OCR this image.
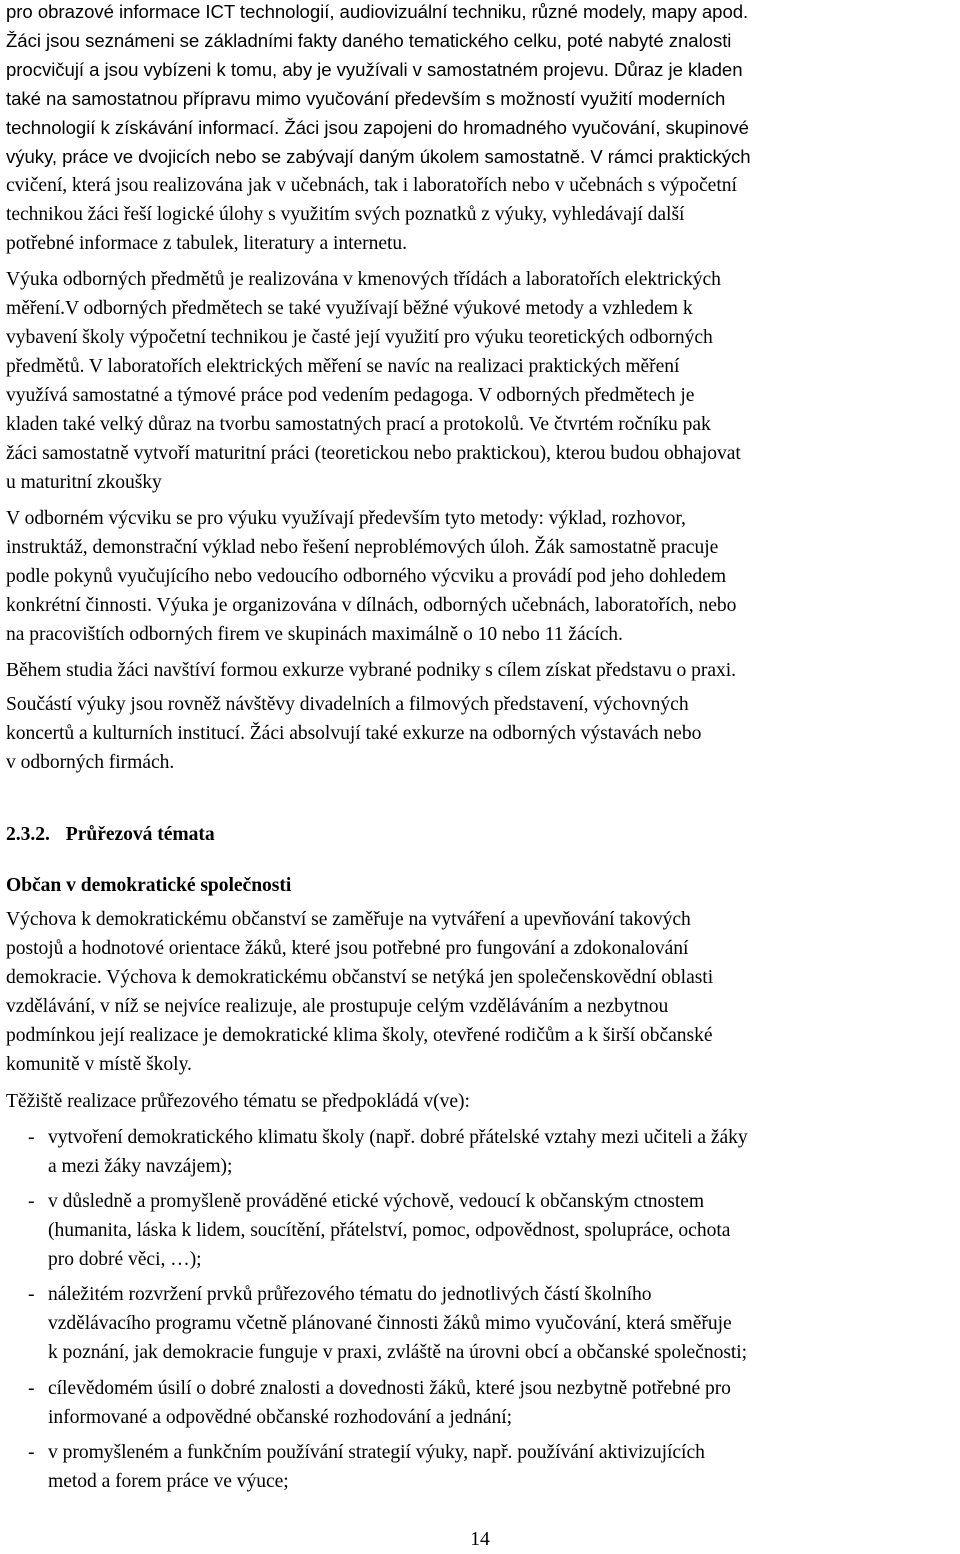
pro obrazové informace ICT technologií, audiovizuální techniku, různé modely, mapy apod.
Žáci jsou seznámeni se základními fakty daného tematického celku, poté nabyté znalosti
procvičují a jsou vybízeni k tomu, aby je využívali v samostatném projevu. Důraz je kladen
také na samostatnou přípravu mimo vyučování především s možností využití moderních
technologií k získávání informací. Žáci jsou zapojeni do hromadného vyučování, skupinové
výuky, práce ve dvojicích nebo se zabývají daným úkolem samostatně. V rámci praktických
cvičení, která jsou realizována jak v učebnách, tak i laboratořích nebo v učebnách s výpočetní
technikou žáci řeší logické úlohy s využitím svých poznatků z výuky, vyhledávají další
potřebné informace z tabulek, literatury a internetu.
Výuka odborných předmětů je realizována v kmenových třídách a laboratořích elektrických
měření.V odborných předmětech se také využívají běžné výukové metody a vzhledem k
vybavení školy výpočetní technikou je časté její využití pro výuku teoretických odborných
předmětů. V laboratořích elektrických měření se navíc na realizaci praktických měření
využívá samostatné a týmové práce pod vedením pedagoga. V odborných předmětech je
kladen také velký důraz na tvorbu samostatných prací a protokolů. Ve čtvrtém ročníku pak
žáci samostatně vytvoří maturitní práci (teoretickou nebo praktickou), kterou budou obhajovat
u maturitní zkoušky
V odborném výcviku se pro výuku využívají především tyto metody: výklad, rozhovor,
instruktáž, demonstrační výklad nebo řešení neproblémových úloh. Žák samostatně pracuje
podle pokynů vyučujícího nebo vedoucího odborného výcviku a provádí pod jeho dohledem
konkrétní činnosti. Výuka je organizována v dílnách, odborných učebnách, laboratořích, nebo
na pracovištích odborných firem ve skupinách maximálně o 10 nebo 11 žácích.
Během studia žáci navštíví formou exkurze vybrané podniky s cílem získat představu o praxi.
Součástí výuky jsou rovněž návštěvy divadelních a filmových představení, výchovných
koncertů a kulturních institucí. Žáci absolvují také exkurze na odborných výstavách nebo
v odborných firmách.
2.3.2. Průřezová témata
Občan v demokratické společnosti
Výchova k demokratickému občanství se zaměřuje na vytváření a upevňování takových
postojů a hodnotové orientace žáků, které jsou potřebné pro fungování a zdokonalování
demokracie. Výchova k demokratickému občanství se netýká jen společenskovědní oblasti
vzdělávání, v níž se nejvíce realizuje, ale prostupuje celým vzděláváním a nezbytnou
podmínkou její realizace je demokratické klima školy, otevřené rodičům a k širší občanské
komunitě v místě školy.
Těžiště realizace průřezového tématu se předpokládá v(ve):
- vytvoření demokratického klimatu školy (např. dobré přátelské vztahy mezi učiteli a žáky
a mezi žáky navzájem);
- v důsledně a promyšleně prováděné etické výchově, vedoucí k občanským ctnostem
(humanita, láska k lidem, soucítění, přátelství, pomoc, odpovědnost, spolupráce, ochota
pro dobré věci, …);
- náležitém rozvržení prvků průřezového tématu do jednotlivých částí školního
vzdělávacího programu včetně plánované činnosti žáků mimo vyučování, která směřuje
k poznání, jak demokracie funguje v praxi, zvláště na úrovni obcí a občanské společnosti;
- cílevědomém úsilí o dobré znalosti a dovednosti žáků, které jsou nezbytně potřebné pro
informované a odpovědné občanské rozhodování a jednání;
- v promyšleném a funkčním používání strategií výuky, např. používání aktivizujících
metod a forem práce ve výuce;
14
